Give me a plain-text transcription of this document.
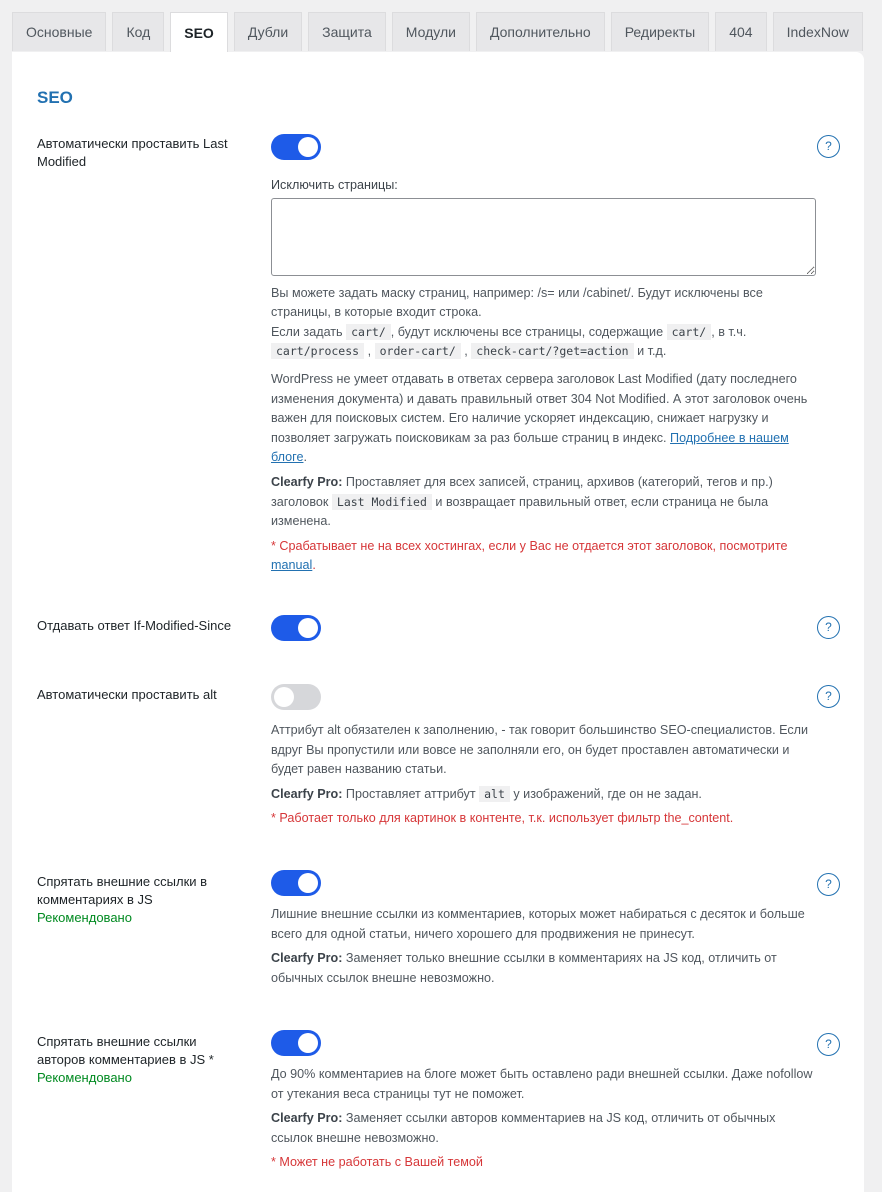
Основные	Код	SEO	Дубли	Защита	Модули	Дополнительно	Редиректы	404	IndexNow
SEO
Автоматически проставить Last Modified
?
Исключить страницы:

Вы можете задать маску страниц, например: /s= или /cabinet/. Будут исключены все страницы, в которые входит строка.
Если задать cart/ , будут исключены все страницы, содержащие cart/ , в т.ч. cart/process , order-cart/ , check-cart/?get=action и т.д.

WordPress не умеет отдавать в ответах сервера заголовок Last Modified (дату последнего изменения документа) и давать правильный ответ 304 Not Modified. А этот заголовок очень важен для поисковых систем. Его наличие ускоряет индексацию, снижает нагрузку и позволяет загружать поисковикам за раз больше страниц в индекс. Подробнее в нашем блоге.

Clearfy Pro: Проставляет для всех записей, страниц, архивов (категорий, тегов и пр.) заголовок Last Modified и возвращает правильный ответ, если страница не была изменена.

* Срабатывает не на всех хостингах, если у Вас не отдается этот заголовок, посмотрите manual.

Отдавать ответ If-Modified-Since	?
Автоматически проставить alt	?

Аттрибут alt обязателен к заполнению, - так говорит большинство SEO-специалистов. Если вдруг Вы пропустили или вовсе не заполняли его, он будет проставлен автоматически и будет равен названию статьи.

Clearfy Pro: Проставляет аттрибут alt у изображений, где он не задан.

* Работает только для картинок в контенте, т.к. использует фильтр the_content.

Спрятать внешние ссылки в комментариях в JS
Рекомендовано
?

Лишние внешние ссылки из комментариев, которых может набираться с десяток и больше всего для одной статьи, ничего хорошего для продвижения не принесут.

Clearfy Pro: Заменяет только внешние ссылки в комментариях на JS код, отличить от обычных ссылок внешне невозможно.

Спрятать внешние ссылки авторов комментариев в JS *
Рекомендовано
?

До 90% комментариев на блоге может быть оставлено ради внешней ссылки. Даже nofollow от утекания веса страницы тут не поможет.

Clearfy Pro: Заменяет ссылки авторов комментариев на JS код, отличить от обычных ссылок внешне невозможно.

* Может не работать с Вашей темой
